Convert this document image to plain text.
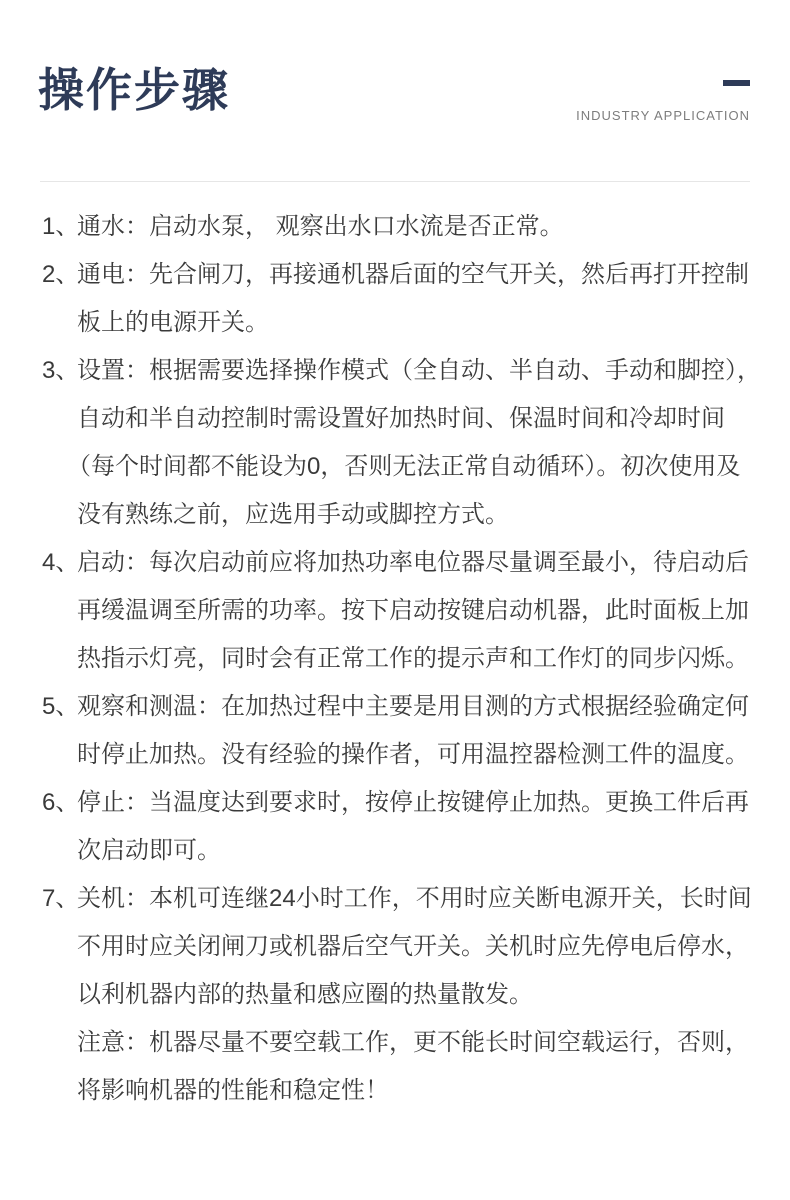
操作步骤	INDUSTRY APPLICATION
1、
通水：启动水泵， 观察出水口水流是否正常。
2、
通电：先合闸刀，再接通机器后面的空气开关，然后再打开控制
板上的电源开关。
3、
设置：根据需要选择操作模式（全自动、半自动、手动和脚控），
自动和半自动控制时需设置好加热时间、保温时间和冷却时间
（每个时间都不能设为0，否则无法正常自动循环）。初次使用及
没有熟练之前，应选用手动或脚控方式。
4、
启动：每次启动前应将加热功率电位器尽量调至最小，待启动后
再缓温调至所需的功率。按下启动按键启动机器，此时面板上加
热指示灯亮，同时会有正常工作的提示声和工作灯的同步闪烁。
5、
观察和测温：在加热过程中主要是用目测的方式根据经验确定何
时停止加热。没有经验的操作者，可用温控器检测工件的温度。
6、
停止：当温度达到要求时，按停止按键停止加热。更换工件后再
次启动即可。
7、
关机：本机可连继24小时工作，不用时应关断电源开关，长时间
不用时应关闭闸刀或机器后空气开关。关机时应先停电后停水，
以利机器内部的热量和感应圈的热量散发。
注意：机器尽量不要空载工作，更不能长时间空载运行，否则，
将影响机器的性能和稳定性！
